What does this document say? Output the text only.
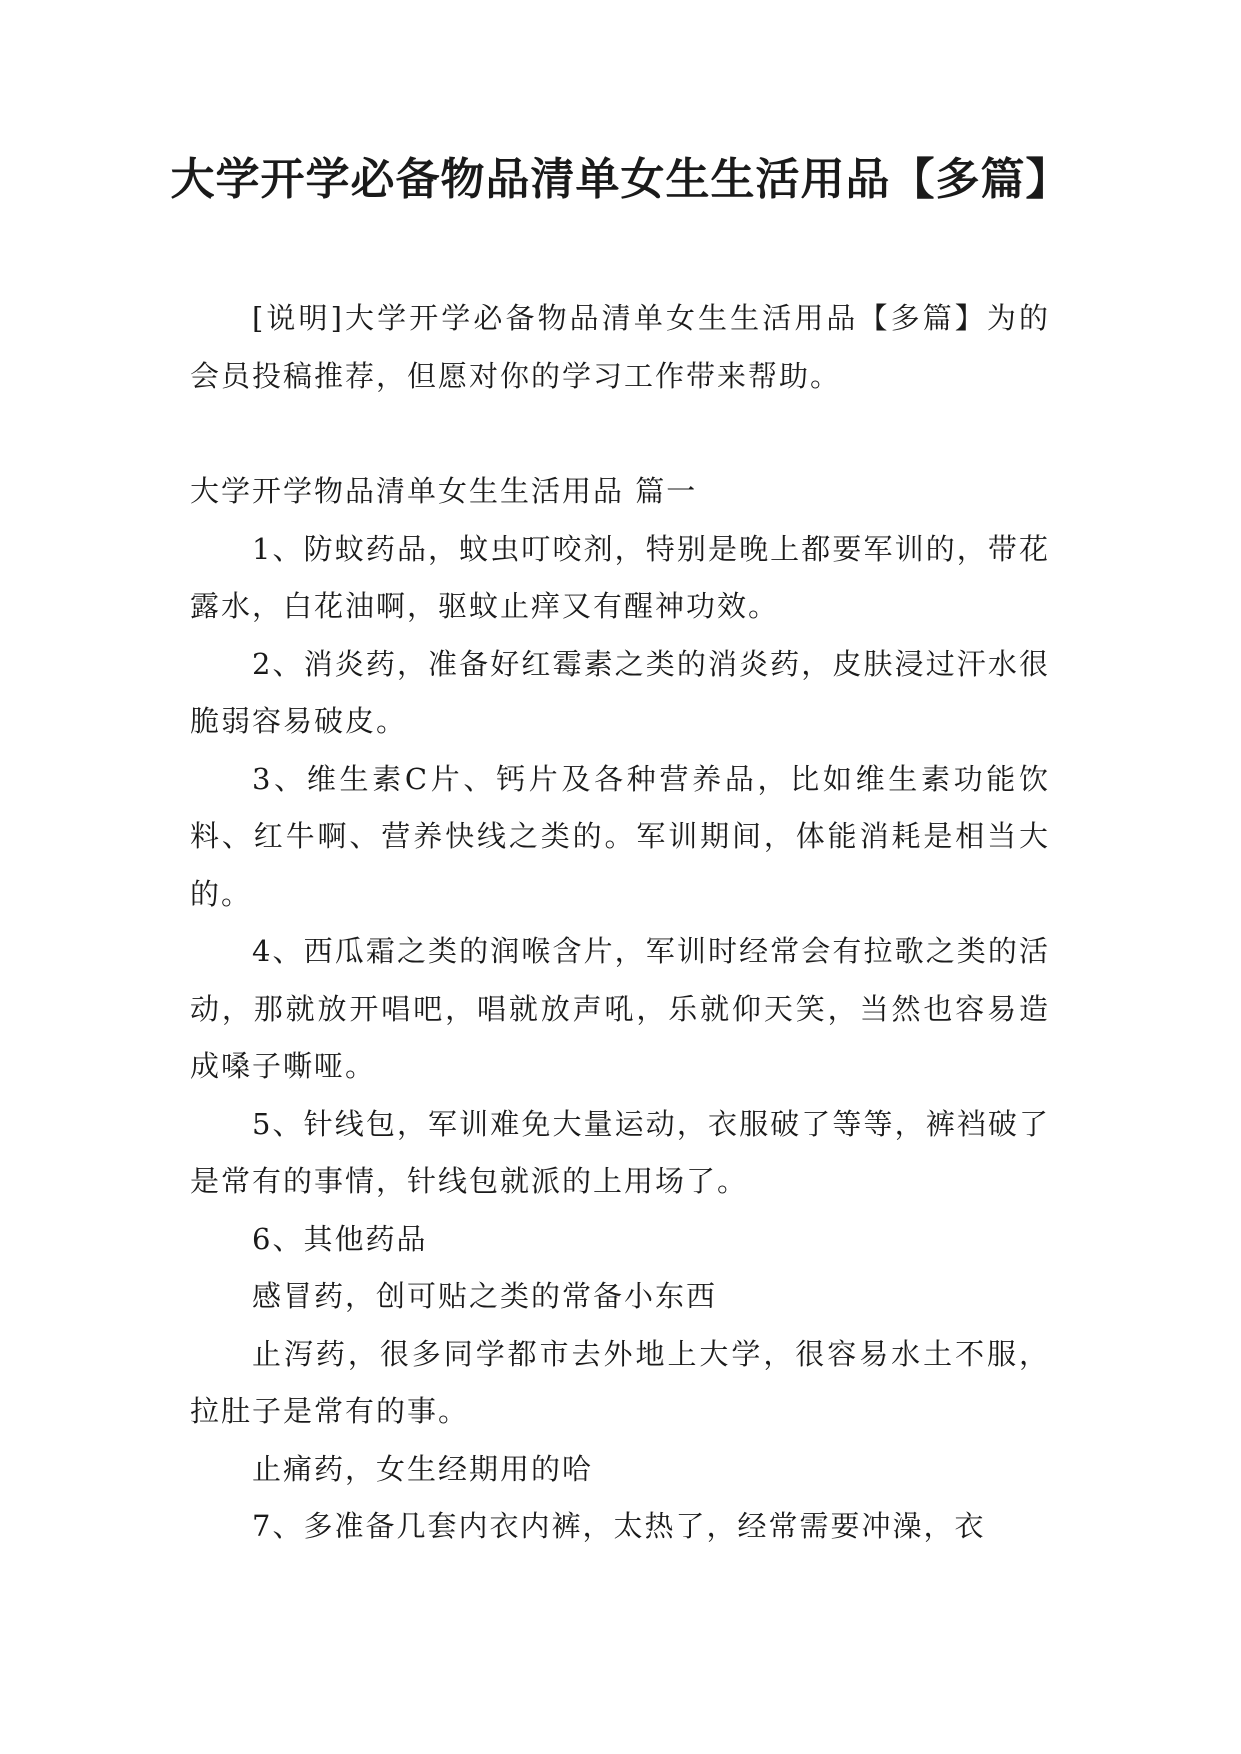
大学开学必备物品清单女生生活用品【多篇】

[说明]大学开学必备物品清单女生生活用品【多篇】为的会员投稿推荐，但愿对你的学习工作带来帮助。

大学开学物品清单女生生活用品 篇一

1、防蚊药品，蚊虫叮咬剂，特别是晚上都要军训的，带花露水，白花油啊，驱蚊止痒又有醒神功效。

2、消炎药，准备好红霉素之类的消炎药，皮肤浸过汗水很脆弱容易破皮。

3、维生素C片、钙片及各种营养品，比如维生素功能饮料、红牛啊、营养快线之类的。军训期间，体能消耗是相当大的。

4、西瓜霜之类的润喉含片，军训时经常会有拉歌之类的活动，那就放开唱吧，唱就放声吼，乐就仰天笑，当然也容易造成嗓子嘶哑。

5、针线包，军训难免大量运动，衣服破了等等，裤裆破了是常有的事情，针线包就派的上用场了。

6、其他药品

感冒药，创可贴之类的常备小东西

止泻药，很多同学都市去外地上大学，很容易水土不服，拉肚子是常有的事。

止痛药，女生经期用的哈

7、多准备几套内衣内裤，太热了，经常需要冲澡，衣
